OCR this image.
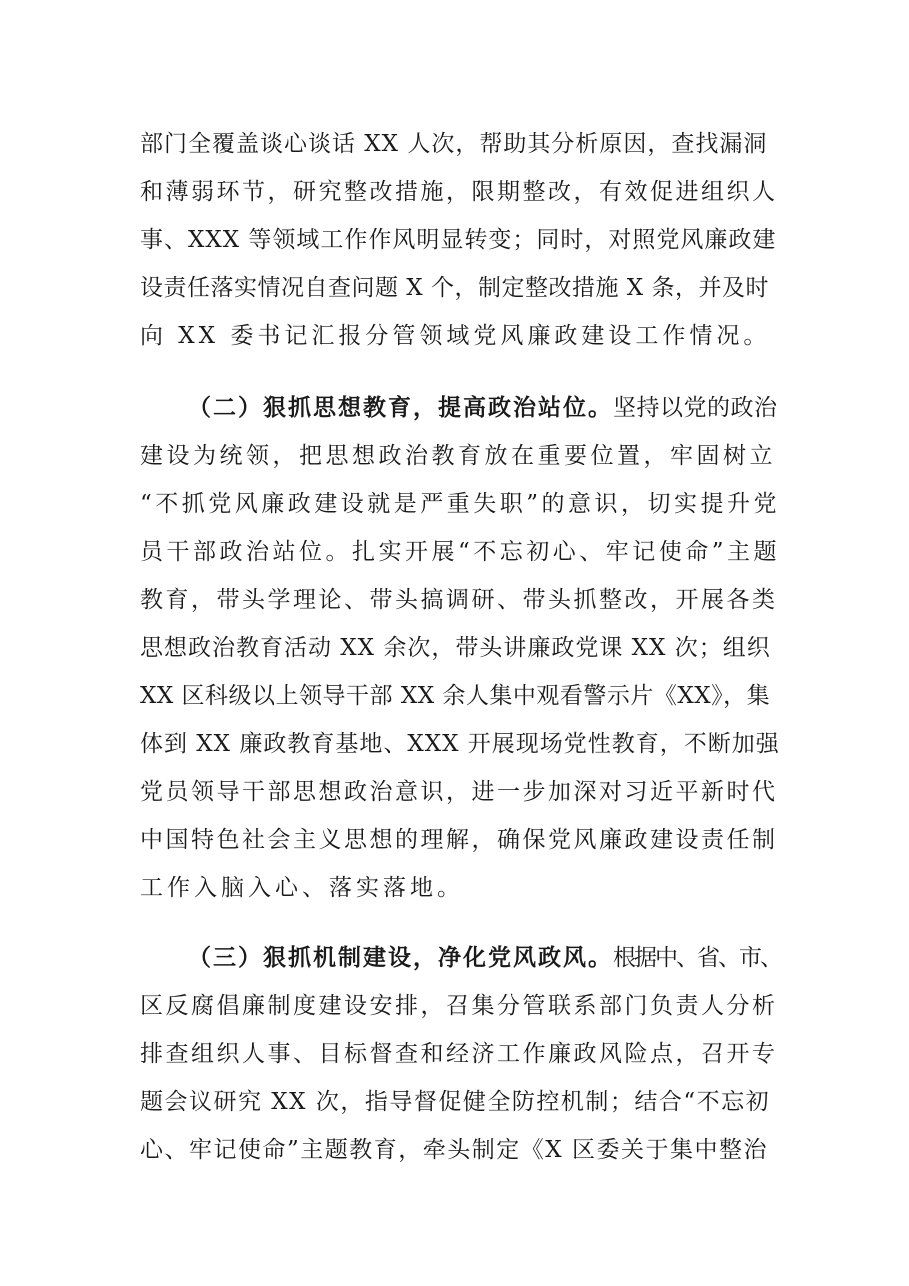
部门全覆盖谈心谈话 XX 人次，帮助其分析原因，查找漏洞
和薄弱环节，研究整改措施，限期整改，有效促进组织人
事、XXX 等领域工作作风明显转变；同时，对照党风廉政建
设责任落实情况自查问题 X 个，制定整改措施 X 条，并及时
向 XX 委书记汇报分管领域党风廉政建设工作情况。
（二）狠抓思想教育，提高政治站位。坚持以党的政治
建设为统领，把思想政治教育放在重要位置，牢固树立
“不抓党风廉政建设就是严重失职”的意识，切实提升党
员干部政治站位。扎实开展“不忘初心、牢记使命”主题
教育，带头学理论、带头搞调研、带头抓整改，开展各类
思想政治教育活动 XX 余次，带头讲廉政党课 XX 次；组织
XX 区科级以上领导干部 XX 余人集中观看警示片《XX》，集
体到 XX 廉政教育基地、XXX 开展现场党性教育，不断加强
党员领导干部思想政治意识，进一步加深对习近平新时代
中国特色社会主义思想的理解，确保党风廉政建设责任制
工作入脑入心、落实落地。
（三）狠抓机制建设，净化党风政风。根据中、省、市、
区反腐倡廉制度建设安排，召集分管联系部门负责人分析
排查组织人事、目标督查和经济工作廉政风险点，召开专
题会议研究 XX 次，指导督促健全防控机制；结合“不忘初
心、牢记使命”主题教育，牵头制定《X 区委关于集中整治
